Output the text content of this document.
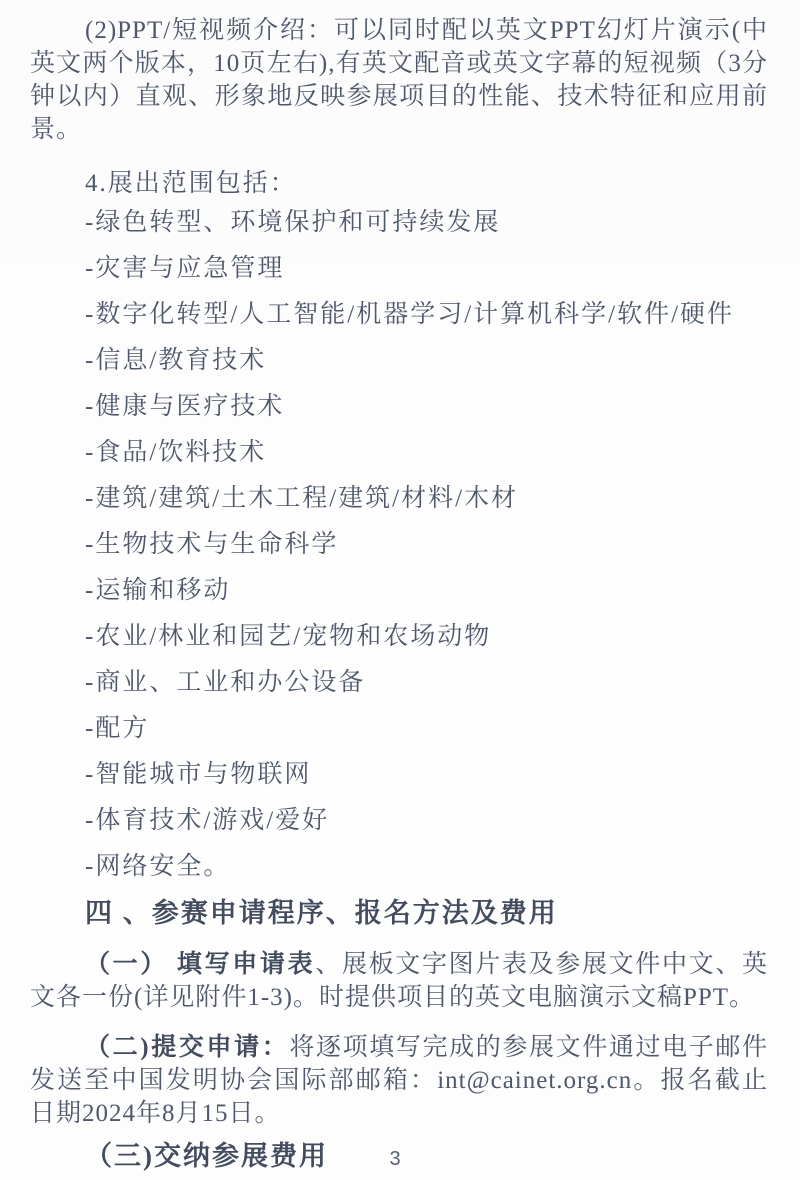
(2)PPT/短视频介绍：可以同时配以英文PPT幻灯片演示(中英文两个版本，10页左右),有英文配音或英文字幕的短视频（3分钟以内）直观、形象地反映参展项目的性能、技术特征和应用前景。

4.展出范围包括：
-绿色转型、环境保护和可持续发展
-灾害与应急管理
-数字化转型/人工智能/机器学习/计算机科学/软件/硬件
-信息/教育技术
-健康与医疗技术
-食品/饮料技术
-建筑/建筑/土木工程/建筑/材料/木材
-生物技术与生命科学
-运输和移动
-农业/林业和园艺/宠物和农场动物
-商业、工业和办公设备
-配方
-智能城市与物联网
-体育技术/游戏/爱好
-网络安全。
四 、参赛申请程序、报名方法及费用

（一） 填写申请表、展板文字图片表及参展文件中文、英文各一份(详见附件1-3)。时提供项目的英文电脑演示文稿PPT。

（二)提交申请：将逐项填写完成的参展文件通过电子邮件 发送至中国发明协会国际部邮箱：int@cainet.org.cn。报名截止日期2024年8月15日。

（三)交纳参展费用	3
